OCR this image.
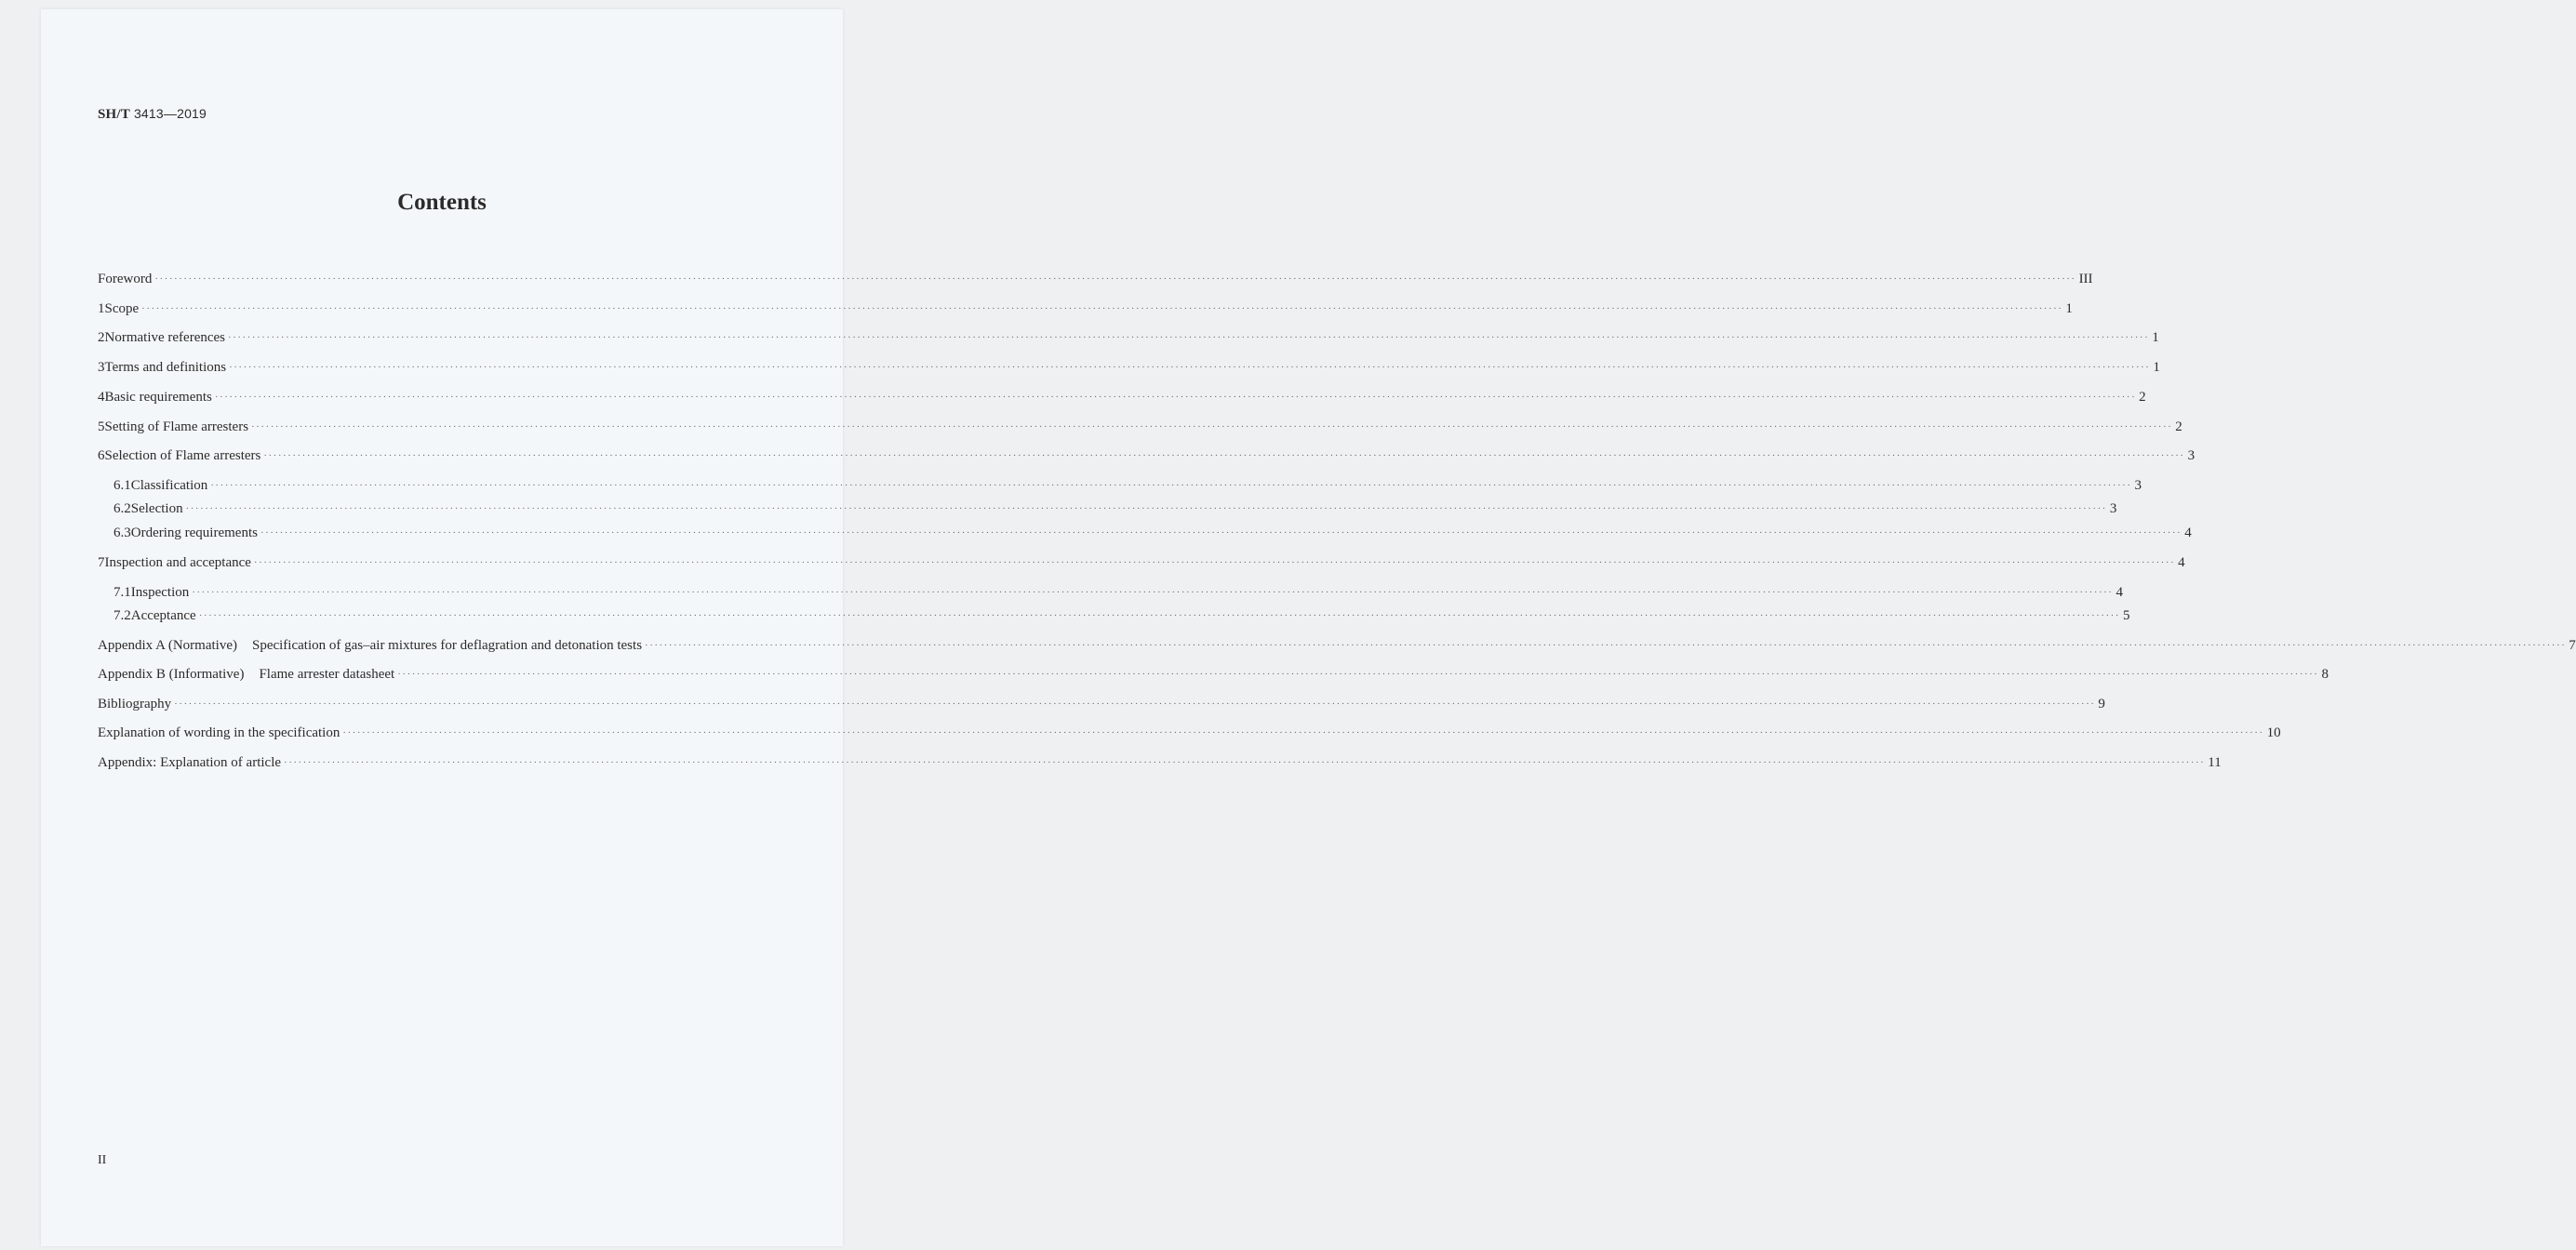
SH/T 3413—2019
Contents
Foreword ················································································································································································································································································································································································································ III
1 Scope ················································································································································································································································································································································································································ 1
2 Normative references ················································································································································································································································································································································································································ 1
3 Terms and definitions ················································································································································································································································································································································································································ 1
4 Basic requirements ················································································································································································································································································································································································································ 2
5 Setting of Flame arresters ················································································································································································································································································································································································································ 2
6 Selection of Flame arresters ················································································································································································································································································································································································································ 3
6.1 Classification ················································································································································································································································································································································································································ 3
6.2 Selection ················································································································································································································································································································································································································ 3
6.3 Ordering requirements ················································································································································································································································································································································································································ 4
7 Inspection and acceptance ················································································································································································································································································································································································································ 4
7.1 Inspection ················································································································································································································································································································································································································ 4
7.2 Acceptance ················································································································································································································································································································································································································ 5
Appendix A (Normative) Specification of gas–air mixtures for deflagration and detonation tests ················································································································································································································································································································································································································ 7
Appendix B (Informative) Flame arrester datasheet ················································································································································································································································································································································································································ 8
Bibliography ················································································································································································································································································································································································································ 9
Explanation of wording in the specification ················································································································································································································································································································································································································ 10
Appendix: Explanation of article ················································································································································································································································································································································································································ 11
II
